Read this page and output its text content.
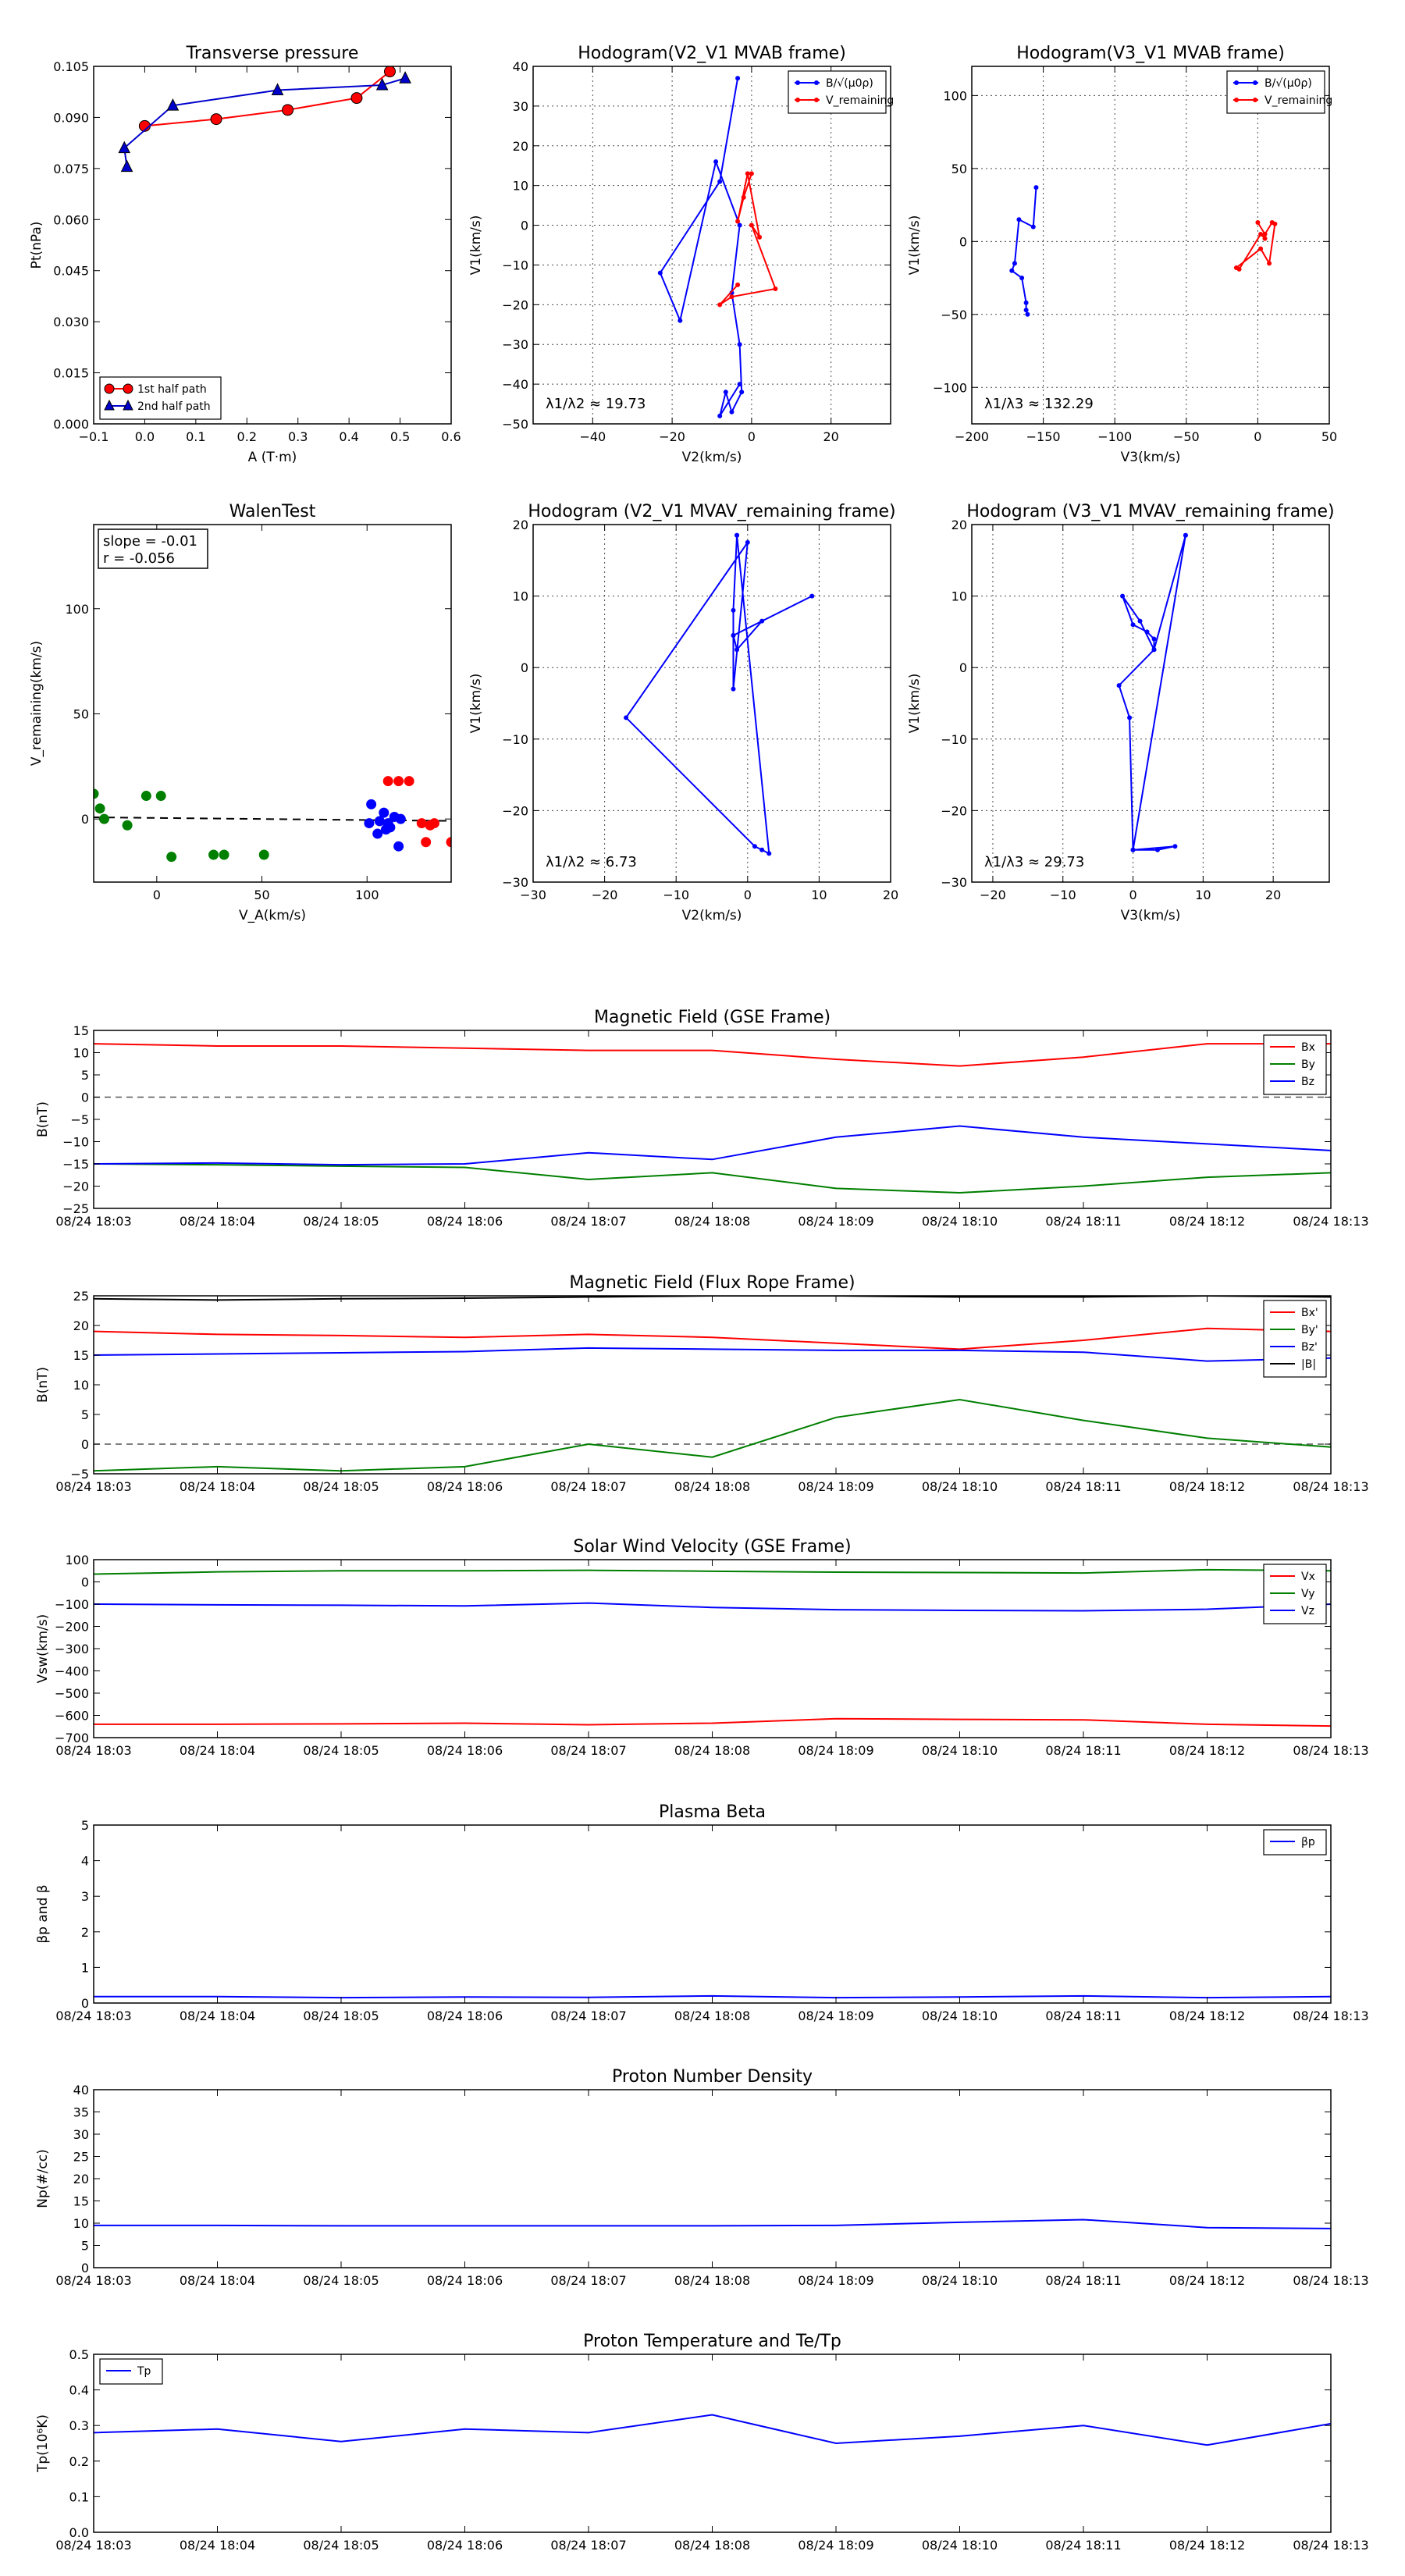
Transverse pressure
−0.1 0.0 0.1 0.2 0.3 0.4 0.5 0.6
0.000
0.015
0.030
0.045
0.060
0.075
0.090
0.105
A (T·m)
Pt(nPa)
1st half path
2nd half path
Hodogram(V2_V1 MVAB frame)
−40	−20	0	20
−50
−40
−30
−20
−10
0
10
20
30
40
V2(km/s)
V1(km/s)
λ1/λ2 ≈ 19.73
B/√(μ0ρ)
V_remaining
Hodogram(V3_V1 MVAB frame)
−200	−150	−100	−50	0	50
−100
−50
0
50
100
V3(km/s)
V1(km/s)
λ1/λ3 ≈ 132.29
B/√(μ0ρ)
V_remaining
WalenTest
0	50	100
0
50
100
V_A(km/s)
V_remaining(km/s)
slope = -0.01
r = -0.056
Hodogram (V2_V1 MVAV_remaining frame)
−30	−20	−10	0	10	20
−30
−20
−10
0
10
20
V2(km/s)
V1(km/s)
λ1/λ2 ≈ 6.73
Hodogram (V3_V1 MVAV_remaining frame)
−20	−10	0	10	20
−30
−20
−10
0
10
20
V3(km/s)
V1(km/s)
λ1/λ3 ≈ 29.73
Magnetic Field (GSE Frame)
08/24 18:03	08/24 18:04	08/24 18:05	08/24 18:06	08/24 18:07	08/24 18:08	08/24 18:09	08/24 18:10	08/24 18:11	08/24 18:12	08/24 18:13
−25
−20
−15
−10
−5
0
5
10
15
B(nT)
Bx
By
Bz
Magnetic Field (Flux Rope Frame)
08/24 18:03	08/24 18:04	08/24 18:05	08/24 18:06	08/24 18:07	08/24 18:08	08/24 18:09	08/24 18:10	08/24 18:11	08/24 18:12	08/24 18:13
−5
0
5
10
15
20
25
B(nT)
Bx'
By'
Bz'
|B|
Solar Wind Velocity (GSE Frame)
08/24 18:03	08/24 18:04	08/24 18:05	08/24 18:06	08/24 18:07	08/24 18:08	08/24 18:09	08/24 18:10	08/24 18:11	08/24 18:12	08/24 18:13
−700
−600
−500
−400
−300
−200
−100
0
100
Vsw(km/s)
Vx
Vy
Vz
Plasma Beta
08/24 18:03	08/24 18:04	08/24 18:05	08/24 18:06	08/24 18:07	08/24 18:08	08/24 18:09	08/24 18:10	08/24 18:11	08/24 18:12	08/24 18:13
0
1
2
3
4
5
βp and β
βp
Proton Number Density
08/24 18:03	08/24 18:04	08/24 18:05	08/24 18:06	08/24 18:07	08/24 18:08	08/24 18:09	08/24 18:10	08/24 18:11	08/24 18:12	08/24 18:13
0
5
10
15
20
25
30
35
40
Np(#/cc)
Proton Temperature and Te/Tp
08/24 18:03	08/24 18:04	08/24 18:05	08/24 18:06	08/24 18:07	08/24 18:08	08/24 18:09	08/24 18:10	08/24 18:11	08/24 18:12	08/24 18:13
0.0
0.1
0.2
0.3
0.4
0.5
Tp(10⁶K)
Tp
